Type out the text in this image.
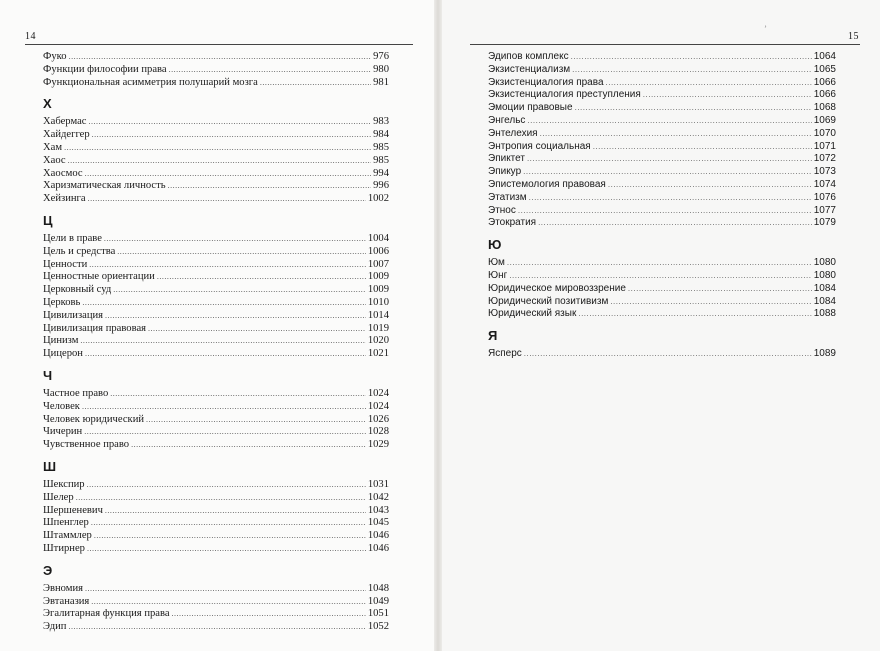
14	15
’
Фуко .....	976
Функции философии права .....	980
Функциональная асимметрия полушарий мозга .....	981
Х
Хабермас .....	983
Хайдеггер .....	984
Хам .....	985
Хаос .....	985
Хаосмос .....	994
Харизматическая личность .....	996
Хейзинга .....	1002
Ц
Цели в праве .....	1004
Цель и средства .....	1006
Ценности .....	1007
Ценностные ориентации .....	1009
Церковный суд .....	1009
Церковь .....	1010
Цивилизация .....	1014
Цивилизация правовая .....	1019
Цинизм .....	1020
Цицерон .....	1021
Ч
Частное право .....	1024
Человек .....	1024
Человек юридический .....	1026
Чичерин .....	1028
Чувственное право .....	1029
Ш
Шекспир .....	1031
Шелер .....	1042
Шершеневич .....	1043
Шпенглер .....	1045
Штаммлер .....	1046
Штирнер .....	1046
Э
Эвномия .....	1048
Эвтаназия .....	1049
Эгалитарная функция права .....	1051
Эдип .....	1052
Эдипов комплекс .....	1064
Экзистенциализм .....	1065
Экзистенциалогия права .....	1066
Экзистенциалогия преступления .....	1066
Эмоции правовые .....	1068
Энгельс .....	1069
Энтелехия .....	1070
Энтропия социальная .....	1071
Эпиктет .....	1072
Эпикур .....	1073
Эпистемология правовая .....	1074
Этатизм .....	1076
Этнос .....	1077
Этократия .....	1079
Ю
Юм .....	1080
Юнг .....	1080
Юридическое мировоззрение .....	1084
Юридический позитивизм .....	1084
Юридический язык .....	1088
Я
Ясперс .....	1089
